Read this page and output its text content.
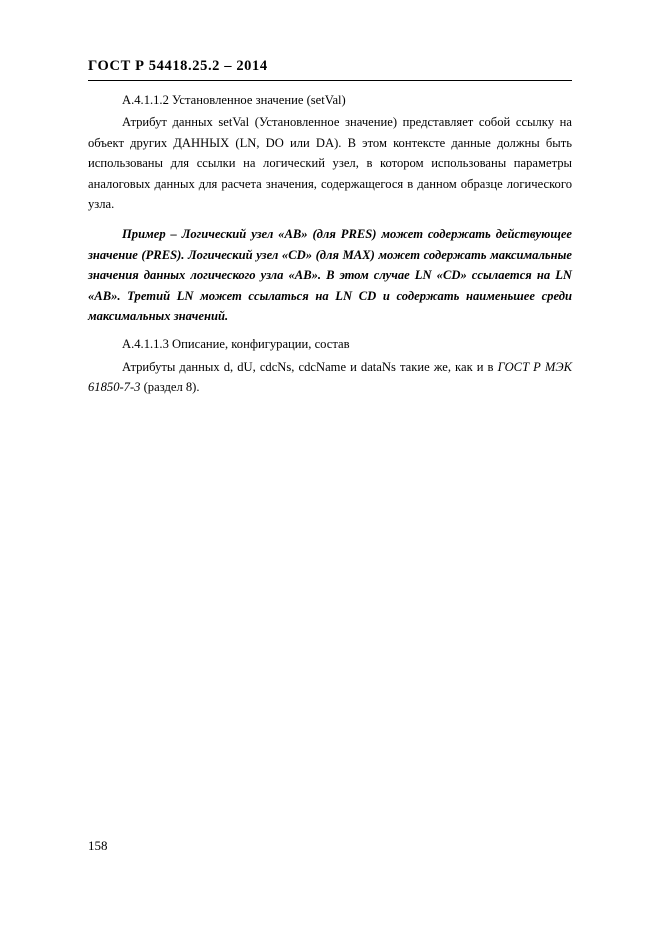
ГОСТ Р 54418.25.2 – 2014

А.4.1.1.2 Установленное значение (setVal)

Атрибут данных setVal (Установленное значение) представляет собой ссылку на объект других ДАННЫХ (LN, DO или DA). В этом контексте данные должны быть использованы для ссылки на логический узел, в котором использованы параметры аналоговых данных для расчета значения, содержащегося в данном образце логического узла.

Пример – Логический узел «AB» (для PRES) может содержать действующее значение (PRES). Логический узел «CD» (для MAX) может содержать максимальные значения данных логического узла «AB». В этом случае LN «CD» ссылается на LN «AB». Третий LN может ссылаться на LN CD и содержать наименьшее среди максимальных значений.

А.4.1.1.3 Описание, конфигурации, состав

Атрибуты данных d, dU, cdcNs, cdcName и dataNs такие же, как и в ГОСТ Р МЭК 61850-7-3 (раздел 8).

158
